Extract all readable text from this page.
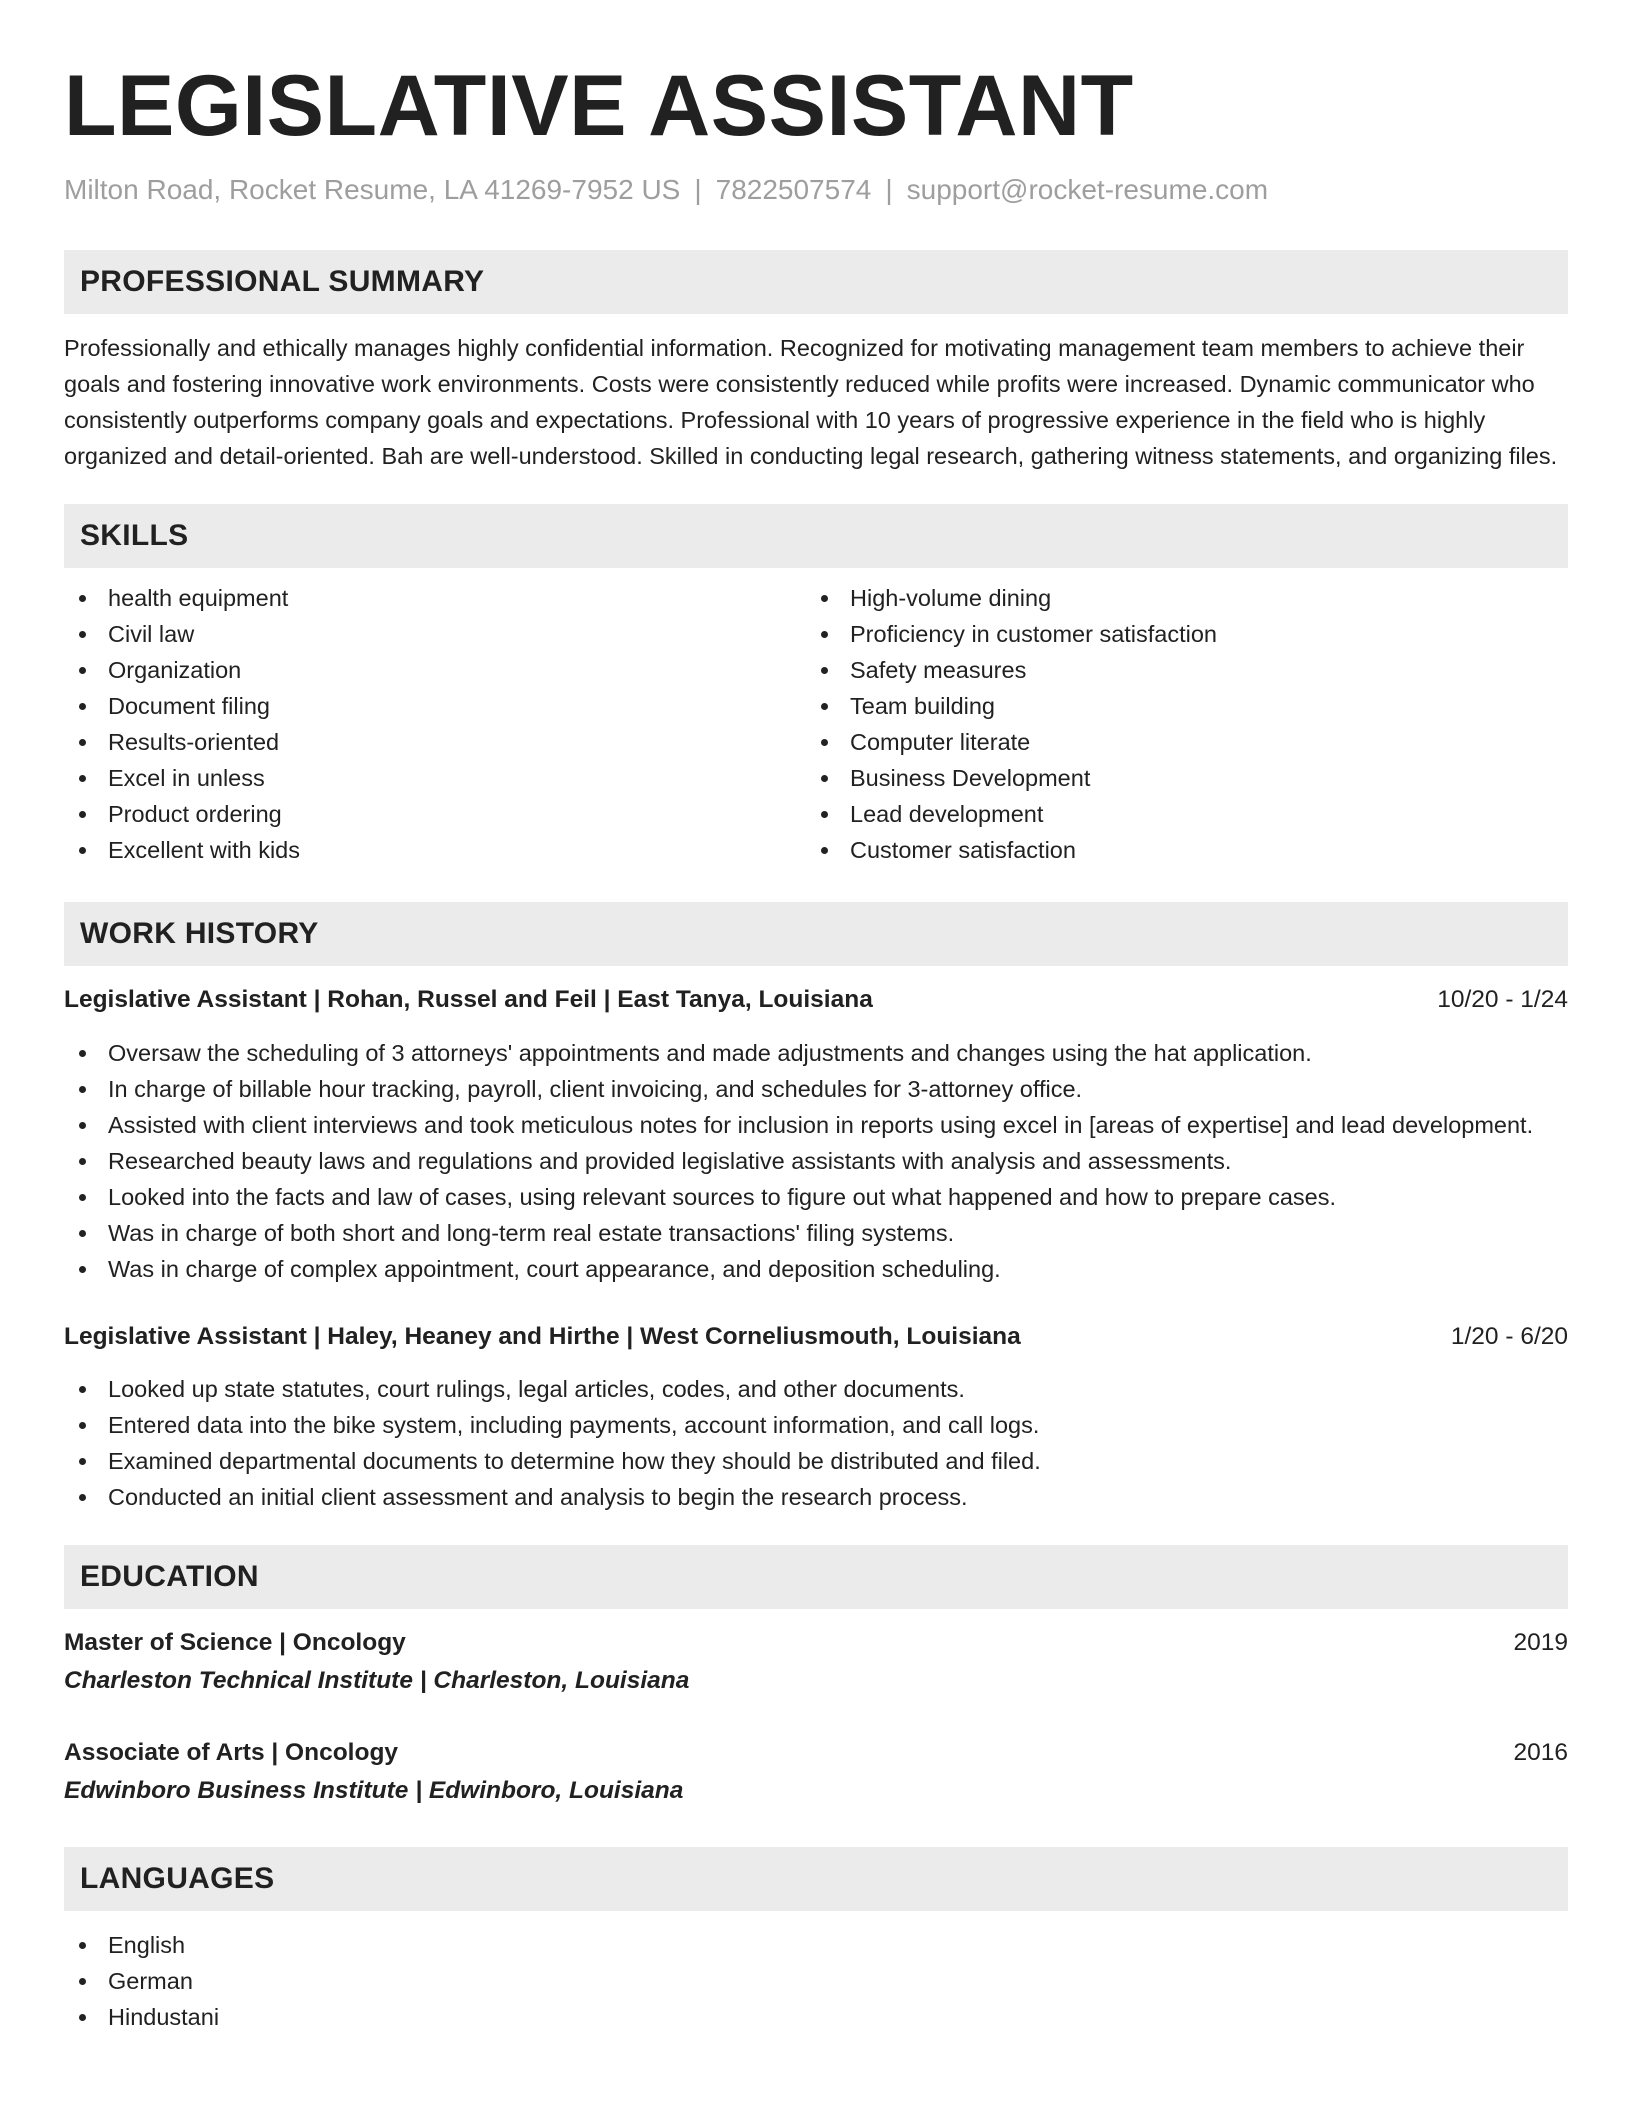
LEGISLATIVE ASSISTANT
Milton Road, Rocket Resume, LA 41269-7952 US | 7822507574 | support@rocket-resume.com
PROFESSIONAL SUMMARY

Professionally and ethically manages highly confidential information. Recognized for motivating management team members to achieve their goals and fostering innovative work environments. Costs were consistently reduced while profits were increased. Dynamic communicator who consistently outperforms company goals and expectations. Professional with 10 years of progressive experience in the field who is highly organized and detail-oriented. Bah are well-understood. Skilled in conducting legal research, gathering witness statements, and organizing files.

SKILLS
health equipment
Civil law
Organization
Document filing
Results-oriented
Excel in unless
Product ordering
Excellent with kids
High-volume dining
Proficiency in customer satisfaction
Safety measures
Team building
Computer literate
Business Development
Lead development
Customer satisfaction
WORK HISTORY
Legislative Assistant | Rohan, Russel and Feil | East Tanya, Louisiana	10/20 - 1/24
Oversaw the scheduling of 3 attorneys' appointments and made adjustments and changes using the hat application.
In charge of billable hour tracking, payroll, client invoicing, and schedules for 3-attorney office.
Assisted with client interviews and took meticulous notes for inclusion in reports using excel in [areas of expertise] and lead development.
Researched beauty laws and regulations and provided legislative assistants with analysis and assessments.
Looked into the facts and law of cases, using relevant sources to figure out what happened and how to prepare cases.
Was in charge of both short and long-term real estate transactions' filing systems.
Was in charge of complex appointment, court appearance, and deposition scheduling.
Legislative Assistant | Haley, Heaney and Hirthe | West Corneliusmouth, Louisiana	1/20 - 6/20
Looked up state statutes, court rulings, legal articles, codes, and other documents.
Entered data into the bike system, including payments, account information, and call logs.
Examined departmental documents to determine how they should be distributed and filed.
Conducted an initial client assessment and analysis to begin the research process.
EDUCATION
Master of Science | Oncology	2019
Charleston Technical Institute | Charleston, Louisiana
Associate of Arts | Oncology	2016
Edwinboro Business Institute | Edwinboro, Louisiana
LANGUAGES
English
German
Hindustani
